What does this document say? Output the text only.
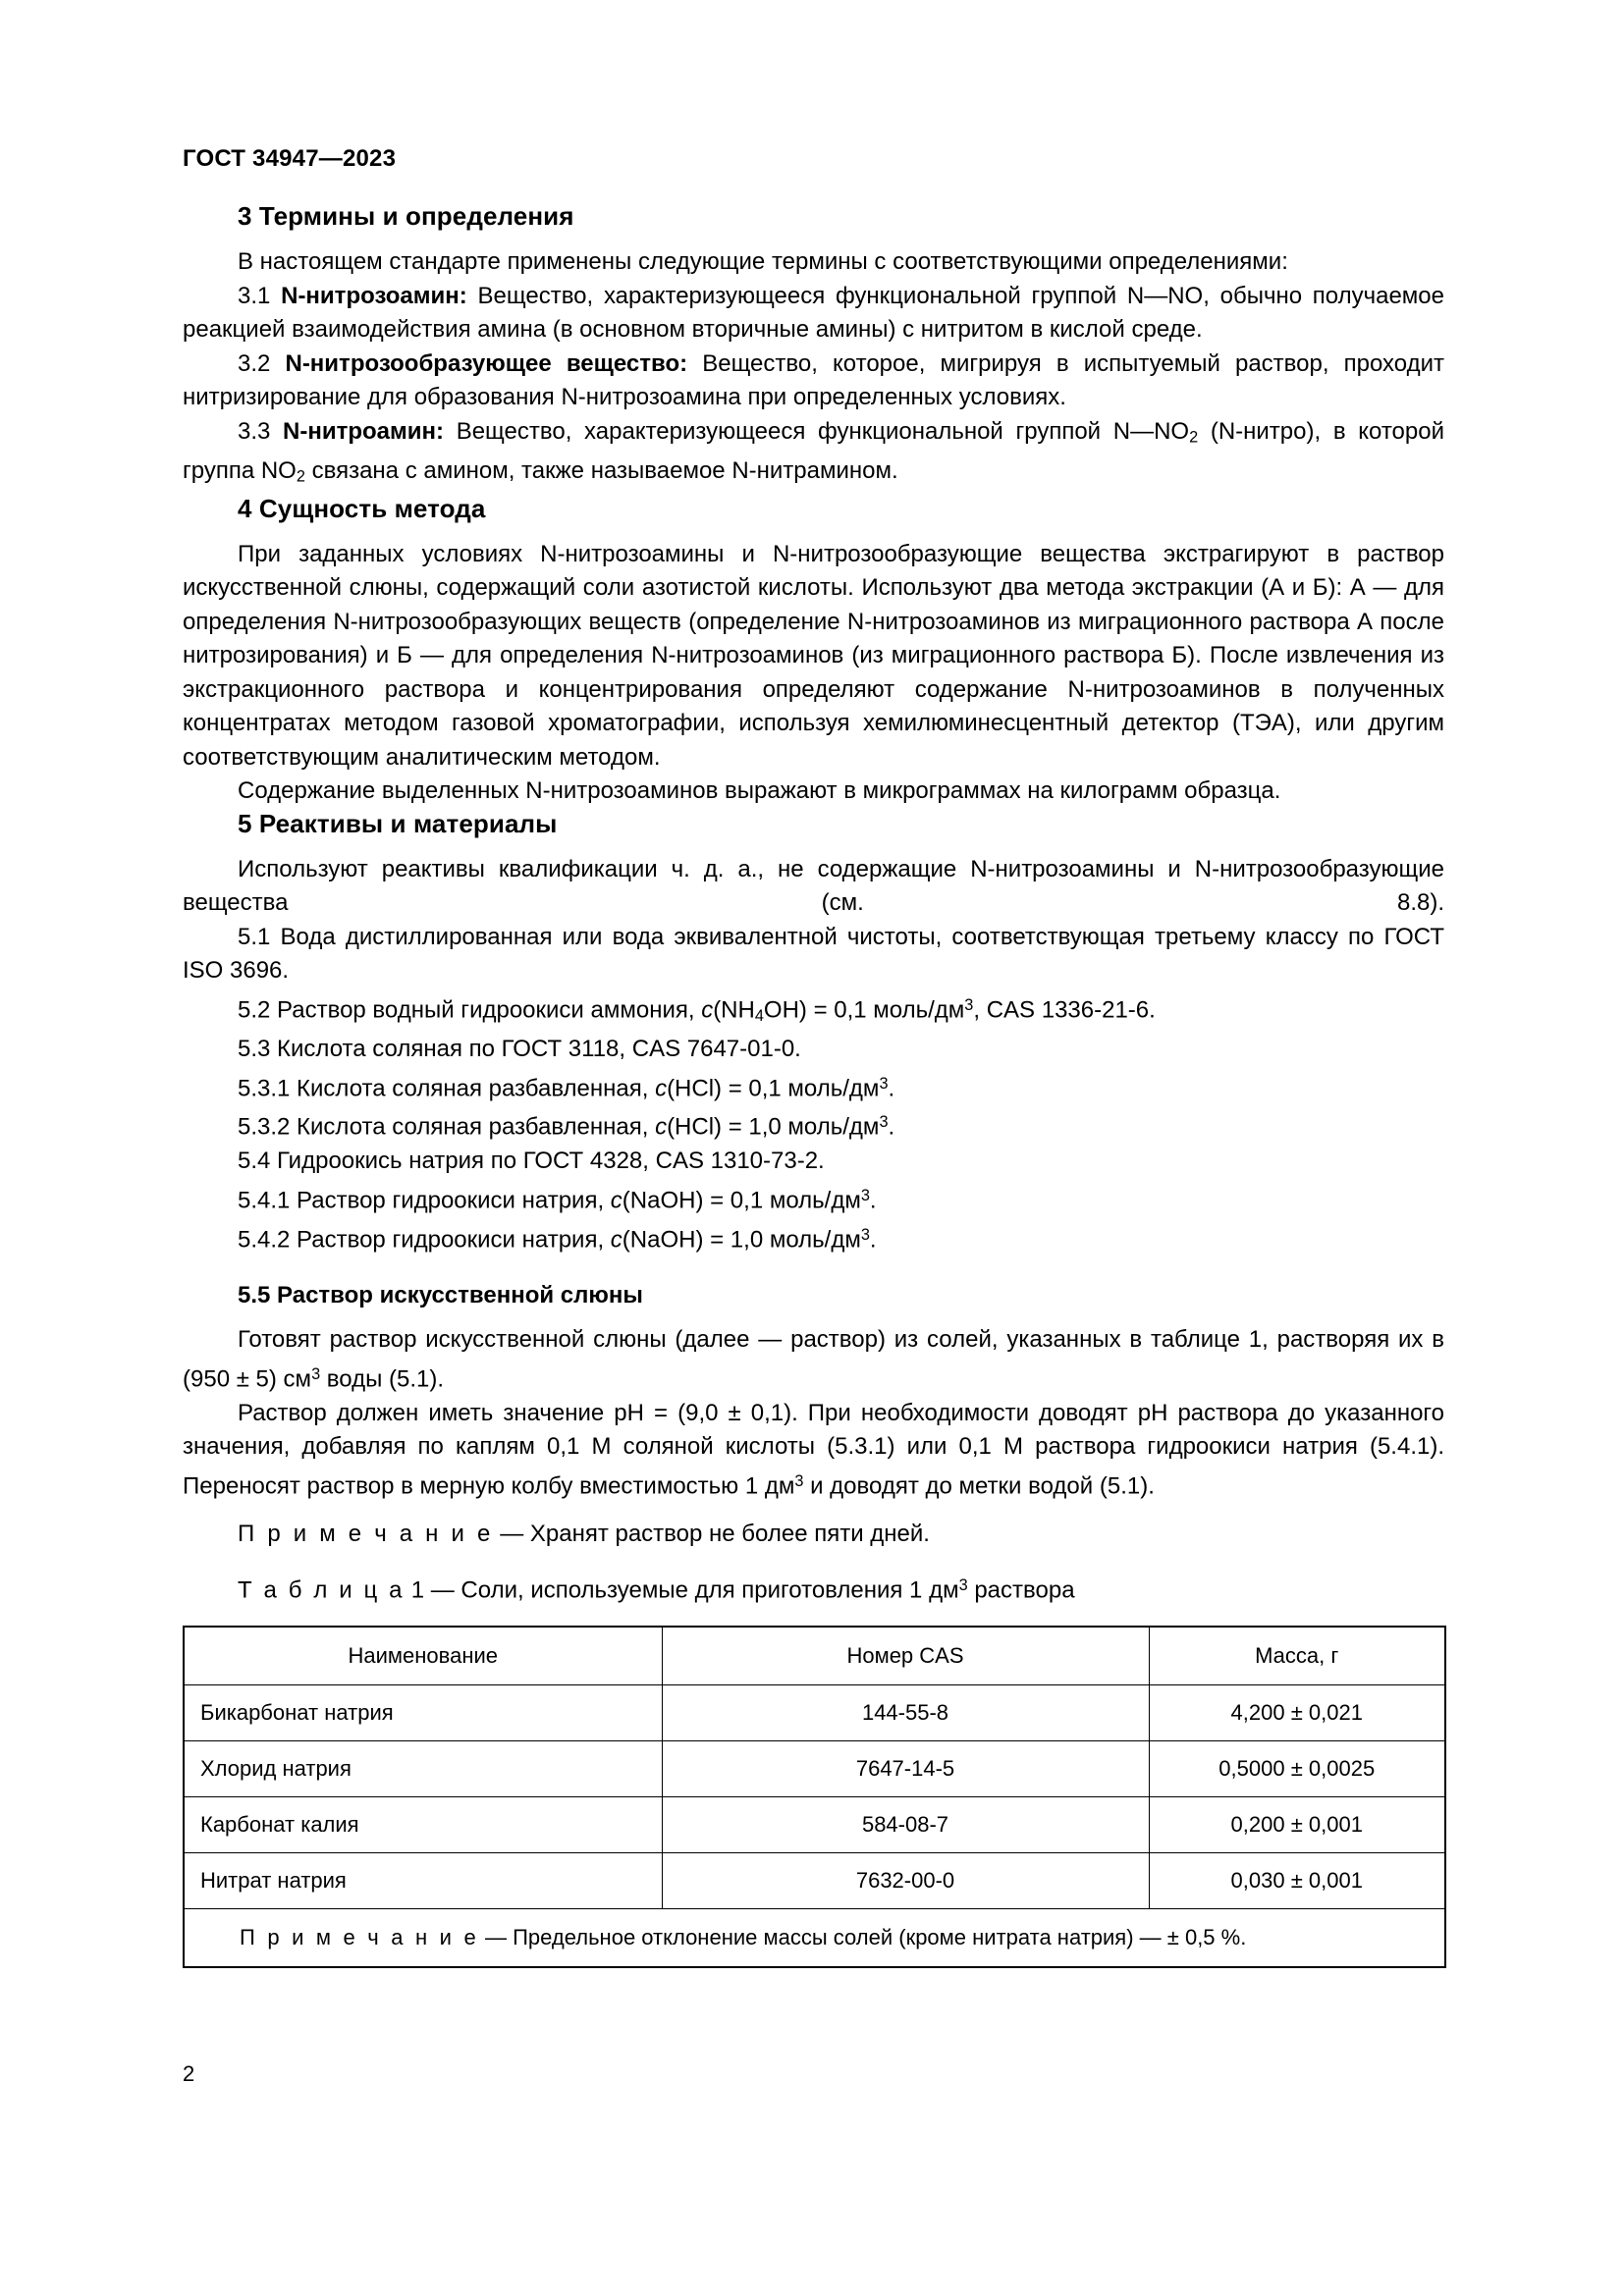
ГОСТ 34947—2023
3 Термины и определения

В настоящем стандарте применены следующие термины с соответствующими определениями:

3.1 N-нитрозоамин: Вещество, характеризующееся функциональной группой N—NO, обычно получаемое реакцией взаимодействия амина (в основном вторичные амины) с нитритом в кислой среде.

3.2 N-нитрозообразующее вещество: Вещество, которое, мигрируя в испытуемый раствор, проходит нитризирование для образования N-нитрозоамина при определенных условиях.

3.3 N-нитроамин: Вещество, характеризующееся функциональной группой $N—NO_2$ (N-нитро), в которой группа $NO_2$ связана с амином, также называемое N-нитрамином.

4 Сущность метода

При заданных условиях N-нитрозоамины и N-нитрозообразующие вещества экстрагируют в раствор искусственной слюны, содержащий соли азотистой кислоты. Используют два метода экстракции (А и Б): А — для определения N-нитрозообразующих веществ (определение N-нитрозоаминов из миграционного раствора А после нитрозирования) и Б — для определения N-нитрозоаминов (из миграционного раствора Б). После извлечения из экстракционного раствора и концентрирования определяют содержание N-нитрозоаминов в полученных концентратах методом газовой хроматографии, используя хемилюминесцентный детектор (ТЭА), или другим соответствующим аналитическим методом.

Содержание выделенных N-нитрозоаминов выражают в микрограммах на килограмм образца.

5 Реактивы и материалы

Используют реактивы квалификации ч. д. а., не содержащие N-нитрозоамины и N-нитрозообразующие вещества (см. 8.8).

5.1 Вода дистиллированная или вода эквивалентной чистоты, соответствующая третьему классу по ГОСТ ISO 3696.

5.2 Раствор водный гидроокиси аммония, $c(NH_4OH) = 0,1$ моль/$дм^3$, CAS 1336-21-6.

5.3 Кислота соляная по ГОСТ 3118, CAS 7647-01-0.

5.3.1 Кислота соляная разбавленная, c(HCl) = 0,1 моль/$дм^3$.

5.3.2 Кислота соляная разбавленная, c(HCl) = 1,0 моль/$дм^3$.

5.4 Гидроокись натрия по ГОСТ 4328, CAS 1310-73-2.

5.4.1 Раствор гидроокиси натрия, c(NaOH) = 0,1 моль/$дм^3$.

5.4.2 Раствор гидроокиси натрия, c(NaOH) = 1,0 моль/$дм^3$.

5.5 Раствор искусственной слюны

Готовят раствор искусственной слюны (далее — раствор) из солей, указанных в таблице 1, растворяя их в (950 ± 5) $см^3$ воды (5.1).

Раствор должен иметь значение pH = (9,0 ± 0,1). При необходимости доводят pH раствора до указанного значения, добавляя по каплям 0,1 M соляной кислоты (5.3.1) или 0,1 M раствора гидроокиси натрия (5.4.1). Переносят раствор в мерную колбу вместимостью 1 $дм^3$ и доводят до метки водой (5.1).

П р и м е ч а н и е — Хранят раствор не более пяти дней.

Т а б л и ц а 1 — Соли, используемые для приготовления 1 $дм^3$ раствора

Наименование	Номер CAS	Масса, г
Бикарбонат натрия	144-55-8	4,200 ± 0,021
Хлорид натрия	7647-14-5	0,5000 ± 0,0025
Карбонат калия	584-08-7	0,200 ± 0,001
Нитрат натрия	7632-00-0	0,030 ± 0,001
П р и м е ч а н и е — Предельное отклонение массы солей (кроме нитрата натрия) — ± 0,5 %.		
2
